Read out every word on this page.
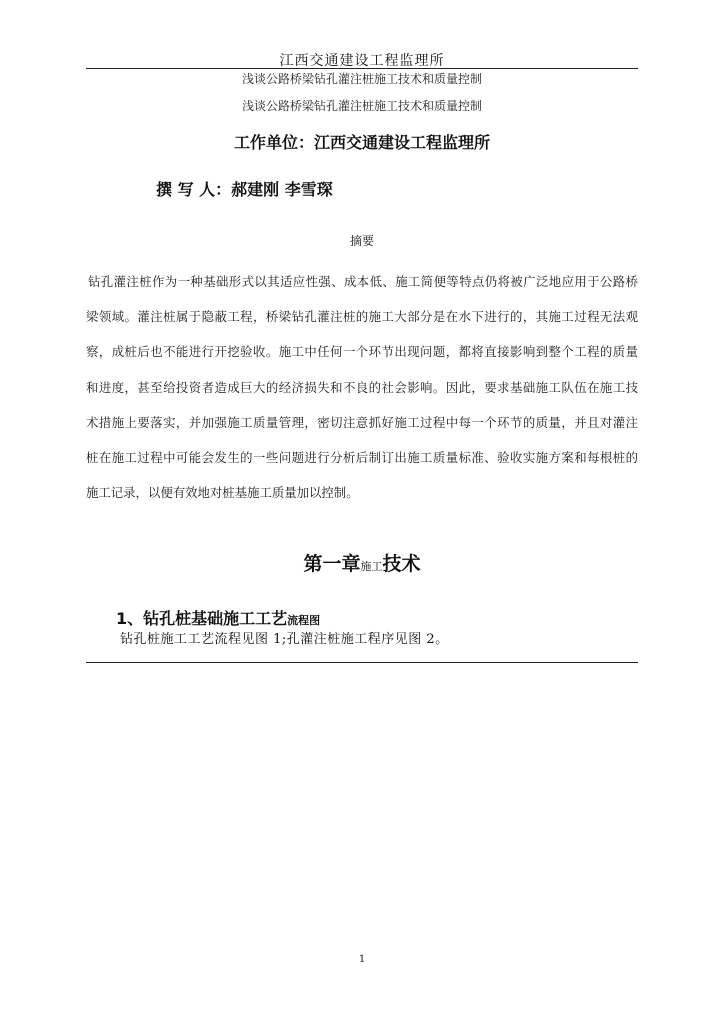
江西交通建设工程监理所
浅谈公路桥梁钻孔灌注桩施工技术和质量控制
浅谈公路桥梁钻孔灌注桩施工技术和质量控制
工作单位：江西交通建设工程监理所
撰 写 人：郝建刚 李雪琛
摘要
钻孔灌注桩作为一种基础形式以其适应性强、成本低、施工简便等特点仍将被广泛地应用于公路桥
梁领域。灌注桩属于隐蔽工程，桥梁钻孔灌注桩的施工大部分是在水下进行的，其施工过程无法观
察，成桩后也不能进行开挖验收。施工中任何一个环节出现问题，都将直接影响到整个工程的质量
和进度，甚至给投资者造成巨大的经济损失和不良的社会影响。因此，要求基础施工队伍在施工技
术措施上要落实，并加强施工质量管理，密切注意抓好施工过程中每一个环节的质量，并且对灌注
桩在施工过程中可能会发生的一些问题进行分析后制订出施工质量标准、验收实施方案和每根桩的
施工记录，以便有效地对桩基施工质量加以控制。
第一章施工技术
1、钻孔桩基础施工工艺流程图
钻孔桩施工工艺流程见图 1;孔灌注桩施工程序见图 2。
1
